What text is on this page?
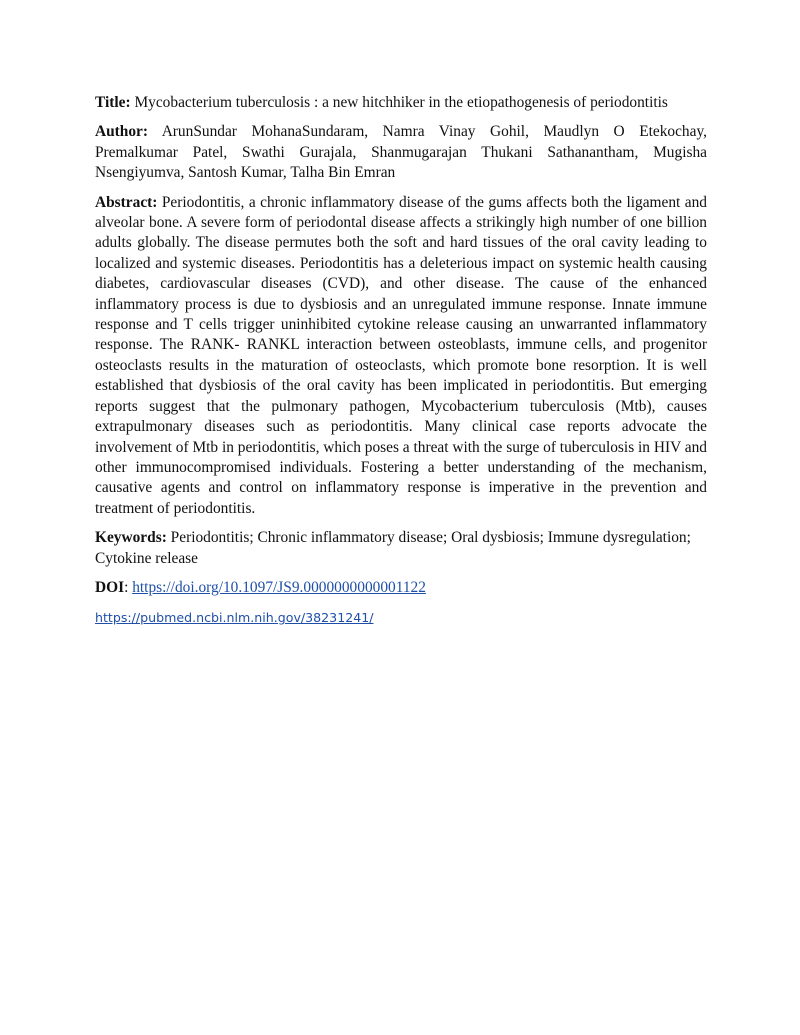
Title: Mycobacterium tuberculosis : a new hitchhiker in the etiopathogenesis of periodontitis

Author: ArunSundar MohanaSundaram, Namra Vinay Gohil, Maudlyn O Etekochay, Premalkumar Patel, Swathi Gurajala, Shanmugarajan Thukani Sathanantham, Mugisha Nsengiyumva, Santosh Kumar, Talha Bin Emran

Abstract: Periodontitis, a chronic inflammatory disease of the gums affects both the ligament and alveolar bone. A severe form of periodontal disease affects a strikingly high number of one billion adults globally. The disease permutes both the soft and hard tissues of the oral cavity leading to localized and systemic diseases. Periodontitis has a deleterious impact on systemic health causing diabetes, cardiovascular diseases (CVD), and other disease. The cause of the enhanced inflammatory process is due to dysbiosis and an unregulated immune response. Innate immune response and T cells trigger uninhibited cytokine release causing an unwarranted inflammatory response. The RANK- RANKL interaction between osteoblasts, immune cells, and progenitor osteoclasts results in the maturation of osteoclasts, which promote bone resorption. It is well established that dysbiosis of the oral cavity has been implicated in periodontitis. But emerging reports suggest that the pulmonary pathogen, Mycobacterium tuberculosis (Mtb), causes extrapulmonary diseases such as periodontitis. Many clinical case reports advocate the involvement of Mtb in periodontitis, which poses a threat with the surge of tuberculosis in HIV and other immunocompromised individuals. Fostering a better understanding of the mechanism, causative agents and control on inflammatory response is imperative in the prevention and treatment of periodontitis.

Keywords: Periodontitis; Chronic inflammatory disease; Oral dysbiosis; Immune dysregulation; Cytokine release

DOI: https://doi.org/10.1097/JS9.0000000000001122

https://pubmed.ncbi.nlm.nih.gov/38231241/
